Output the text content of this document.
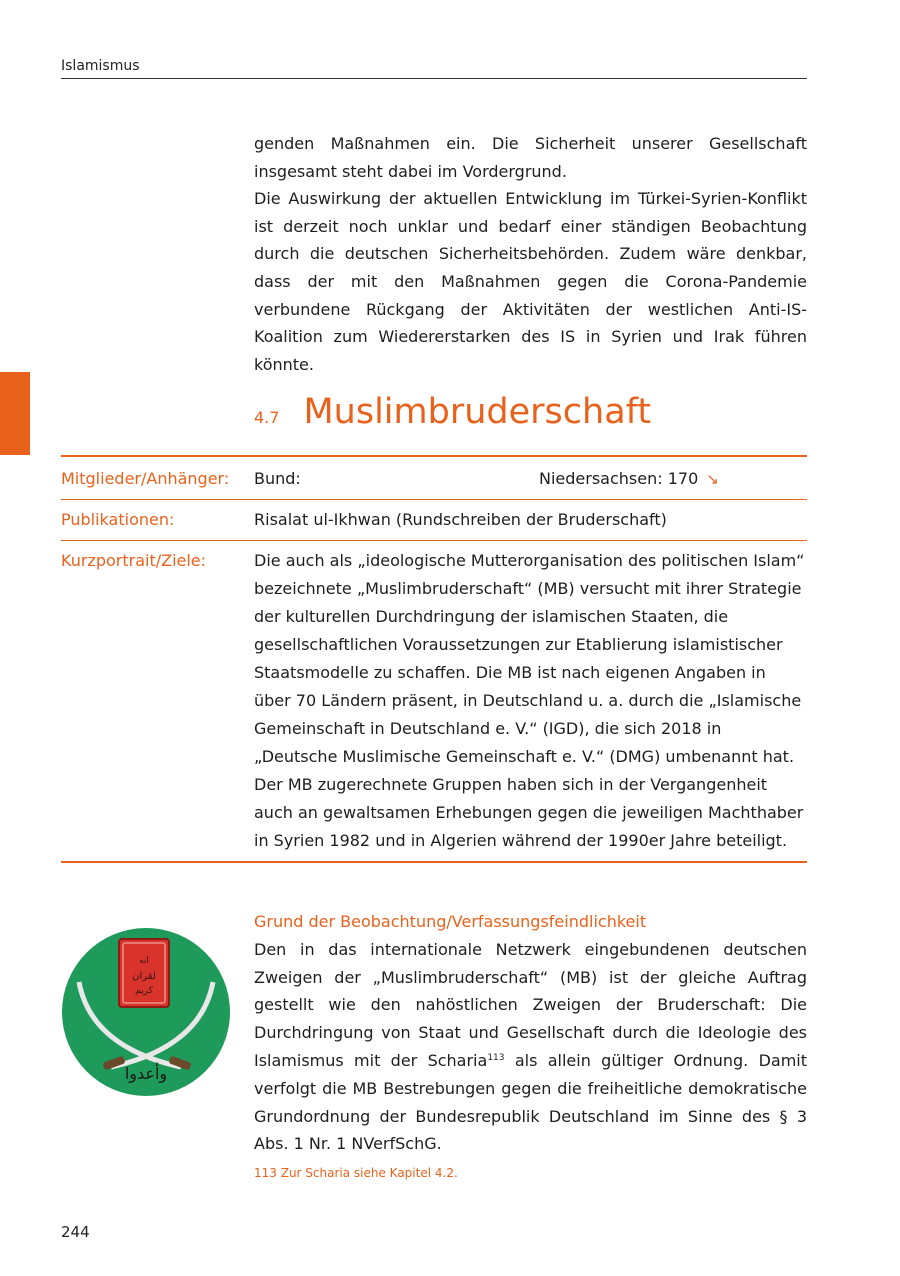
Islamismus

genden Maßnahmen ein. Die Sicherheit unserer Gesellschaft insgesamt steht dabei im Vordergrund.

Die Auswirkung der aktuellen Entwicklung im Türkei-Syrien-Konflikt ist derzeit noch unklar und bedarf einer ständigen Beobachtung durch die deutschen Sicherheitsbehörden. Zudem wäre denkbar, dass der mit den Maßnahmen gegen die Corona-Pandemie verbundene Rückgang der Aktivitäten der westlichen Anti-IS-Koalition zum Wiedererstarken des IS in Syrien und Irak führen könnte.

4.7 Muslimbruderschaft
Mitglieder/Anhänger:	Bund:	Niedersachsen: 170 ↘
Publikationen:	Risalat ul-Ikhwan (Rundschreiben der Bruderschaft)
Kurzportrait/Ziele:	Die auch als „ideologische Mutterorganisation des politischen Islam“ bezeichnete „Muslimbruderschaft“ (MB) versucht mit ihrer Strategie der kulturellen Durchdringung der islamischen Staaten, die gesellschaftlichen Voraussetzungen zur Etablierung islamistischer Staatsmodelle zu schaffen. Die MB ist nach eigenen Angaben in über 70 Ländern präsent, in Deutschland u. a. durch die „Islamische Gemeinschaft in Deutschland e. V.“ (IGD), die sich 2018 in „Deutsche Muslimische Gemeinschaft e. V.“ (DMG) umbenannt hat. Der MB zugerechnete Gruppen haben sich in der Vergangenheit auch an gewaltsamen Erhebungen gegen die jeweiligen Machthaber in Syrien 1982 und in Algerien während der 1990er Jahre beteiligt.
ﺍﻧﻪ
ﻟﻘﺮﺍﻥ
ﻛﺮﻳﻢ
ﻭﺃﻋﺪﻭﺍ
Grund der Beobachtung/Verfassungsfeindlichkeit

Den in das internationale Netzwerk eingebundenen deutschen Zweigen der „Muslimbruderschaft“ (MB) ist der gleiche Auftrag gestellt wie den nahöstlichen Zweigen der Bruderschaft: Die Durchdringung von Staat und Gesellschaft durch die Ideologie des Islamismus mit der Scharia$^{113}$ als allein gültiger Ordnung. Damit verfolgt die MB Bestrebungen gegen die freiheitliche demokratische Grundordnung der Bundesrepublik Deutschland im Sinne des § 3 Abs. 1 Nr. 1 NVerfSchG.

113 Zur Scharia siehe Kapitel 4.2.
244
